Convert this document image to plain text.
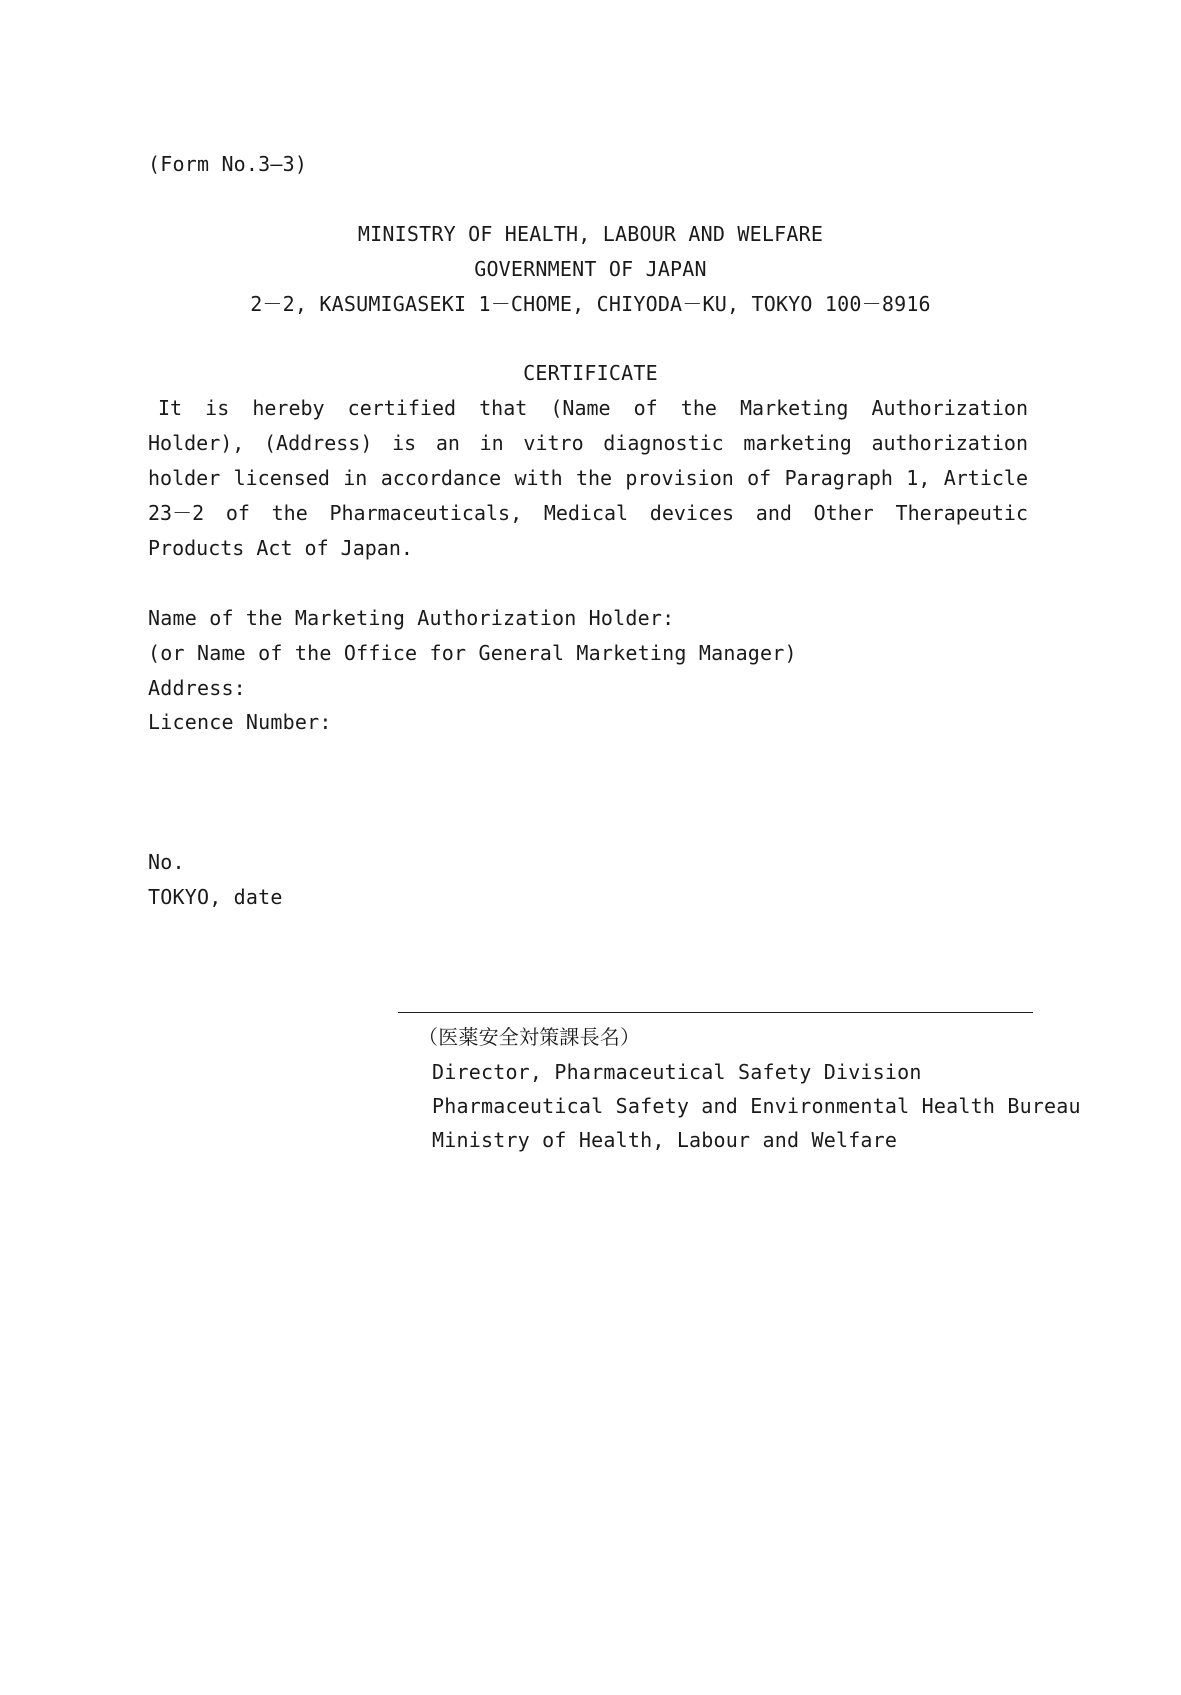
(Form No.3—3)
MINISTRY OF HEALTH, LABOUR AND WELFARE
GOVERNMENT OF JAPAN
2－2, KASUMIGASEKI 1－CHOME, CHIYODA－KU, TOKYO 100－8916
CERTIFICATE
It is hereby certified that (Name of the Marketing Authorization Holder), (Address) is an in vitro diagnostic marketing authorization holder licensed in accordance with the provision of Paragraph 1, Article 23－2 of the Pharmaceuticals, Medical devices and Other Therapeutic Products Act of Japan.
Name of the Marketing Authorization Holder:
(or Name of the Office for General Marketing Manager)
Address:
Licence Number:
No.
TOKYO, date
（医薬安全対策課長名）
Director, Pharmaceutical Safety Division
Pharmaceutical Safety and Environmental Health Bureau
Ministry of Health, Labour and Welfare
